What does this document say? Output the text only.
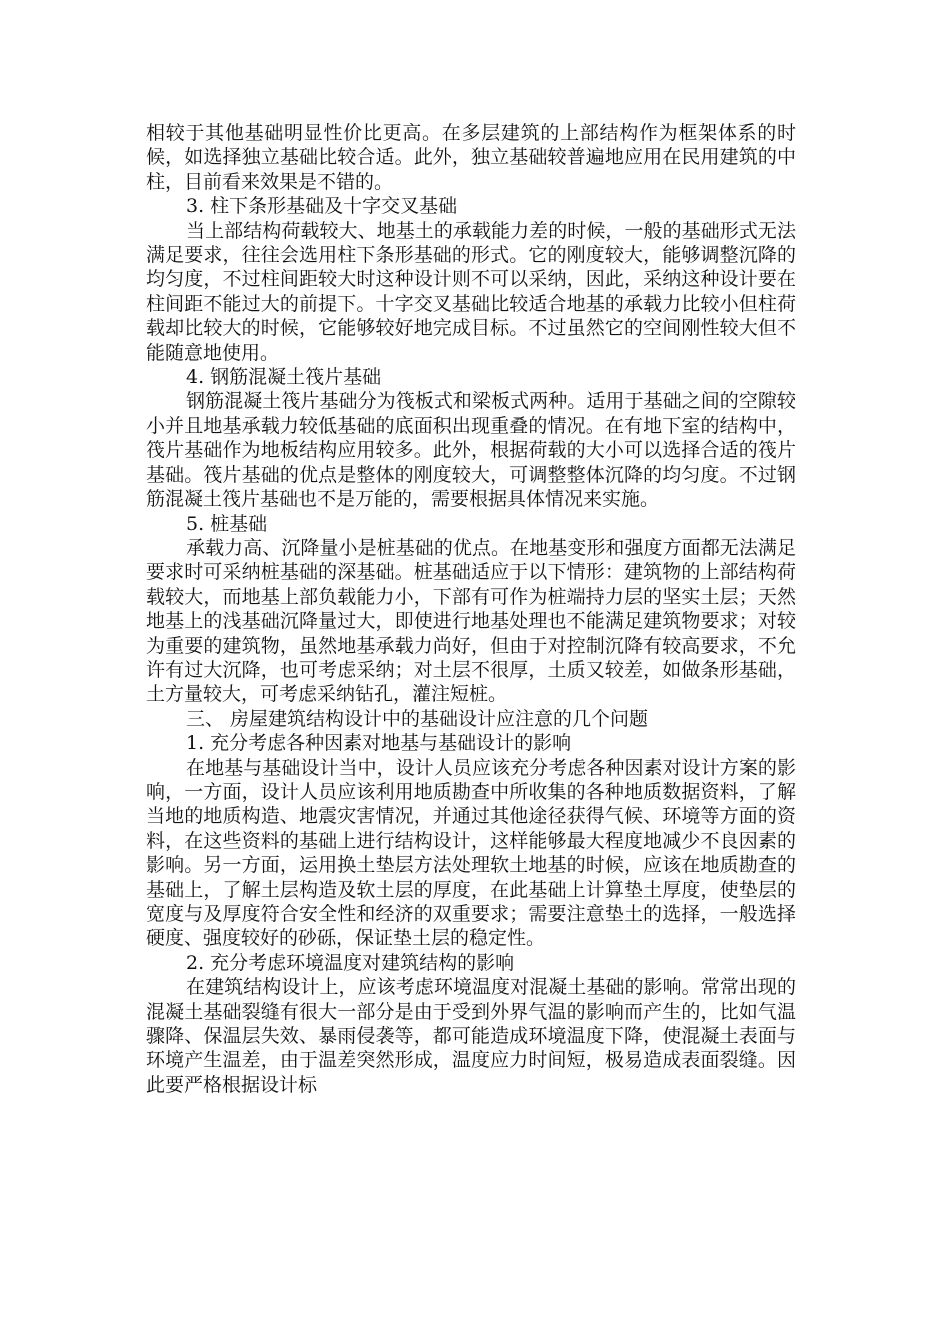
相较于其他基础明显性价比更高。在多层建筑的上部结构作为框架体系的时候，如选择独立基础比较合适。此外，独立基础较普遍地应用在民用建筑的中柱，目前看来效果是不错的。

3. 柱下条形基础及十字交叉基础

当上部结构荷载较大、地基土的承载能力差的时候，一般的基础形式无法满足要求，往往会选用柱下条形基础的形式。它的刚度较大，能够调整沉降的均匀度，不过柱间距较大时这种设计则不可以采纳，因此，采纳这种设计要在柱间距不能过大的前提下。十字交叉基础比较适合地基的承载力比较小但柱荷载却比较大的时候，它能够较好地完成目标。不过虽然它的空间刚性较大但不能随意地使用。

4. 钢筋混凝土筏片基础

钢筋混凝土筏片基础分为筏板式和梁板式两种。适用于基础之间的空隙较小并且地基承载力较低基础的底面积出现重叠的情况。在有地下室的结构中，筏片基础作为地板结构应用较多。此外，根据荷载的大小可以选择合适的筏片基础。筏片基础的优点是整体的刚度较大，可调整整体沉降的均匀度。不过钢筋混凝土筏片基础也不是万能的，需要根据具体情况来实施。

5. 桩基础

承载力高、沉降量小是桩基础的优点。在地基变形和强度方面都无法满足要求时可采纳桩基础的深基础。桩基础适应于以下情形：建筑物的上部结构荷载较大，而地基上部负载能力小，下部有可作为桩端持力层的坚实土层；天然地基上的浅基础沉降量过大，即使进行地基处理也不能满足建筑物要求；对较为重要的建筑物，虽然地基承载力尚好，但由于对控制沉降有较高要求，不允许有过大沉降，也可考虑采纳；对土层不很厚，土质又较差，如做条形基础，土方量较大，可考虑采纳钻孔，灌注短桩。

三、 房屋建筑结构设计中的基础设计应注意的几个问题

1. 充分考虑各种因素对地基与基础设计的影响

在地基与基础设计当中，设计人员应该充分考虑各种因素对设计方案的影响，一方面，设计人员应该利用地质勘查中所收集的各种地质数据资料，了解当地的地质构造、地震灾害情况，并通过其他途径获得气候、环境等方面的资料，在这些资料的基础上进行结构设计，这样能够最大程度地减少不良因素的影响。另一方面，运用换土垫层方法处理软土地基的时候，应该在地质勘查的基础上，了解土层构造及软土层的厚度，在此基础上计算垫土厚度，使垫层的宽度与及厚度符合安全性和经济的双重要求；需要注意垫土的选择，一般选择硬度、强度较好的砂砾，保证垫土层的稳定性。

2. 充分考虑环境温度对建筑结构的影响

在建筑结构设计上，应该考虑环境温度对混凝土基础的影响。常常出现的混凝土基础裂缝有很大一部分是由于受到外界气温的影响而产生的，比如气温骤降、保温层失效、暴雨侵袭等，都可能造成环境温度下降，使混凝土表面与环境产生温差，由于温差突然形成，温度应力时间短，极易造成表面裂缝。因此要严格根据设计标
